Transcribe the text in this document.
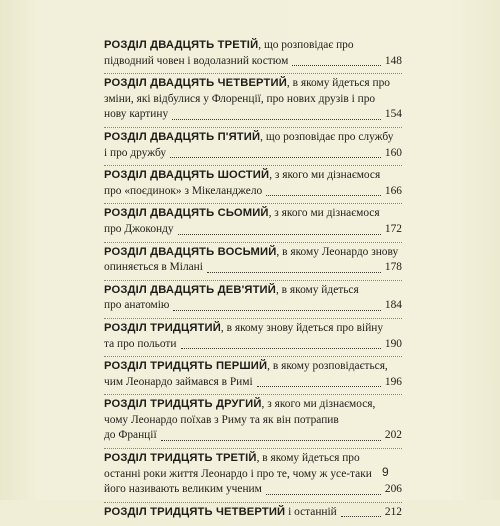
РОЗДІЛ ДВАДЦЯТЬ ТРЕТІЙ, що розповідає про
підводний човен і водолазний костюм	148
РОЗДІЛ ДВАДЦЯТЬ ЧЕТВЕРТИЙ, в якому йдеться про
зміни, які відбулися у Флоренції, про нових друзів і про
нову картину	154
РОЗДІЛ ДВАДЦЯТЬ П'ЯТИЙ, що розповідає про службу
і про дружбу	160
РОЗДІЛ ДВАДЦЯТЬ ШОСТИЙ, з якого ми дізнаємося
про «поєдинок» з Мікеланджело	166
РОЗДІЛ ДВАДЦЯТЬ СЬОМИЙ, з якого ми дізнаємося
про Джоконду	172
РОЗДІЛ ДВАДЦЯТЬ ВОСЬМИЙ, в якому Леонардо знову
опиняється в Мілані	178
РОЗДІЛ ДВАДЦЯТЬ ДЕВ'ЯТИЙ, в якому йдеться
про анатомію	184
РОЗДІЛ ТРИДЦЯТИЙ, в якому знову йдеться про війну
та про польоти	190
РОЗДІЛ ТРИДЦЯТЬ ПЕРШИЙ, в якому розповідається,
чим Леонардо займався в Римі	196
РОЗДІЛ ТРИДЦЯТЬ ДРУГИЙ, з якого ми дізнаємося,
чому Леонардо поїхав з Риму та як він потрапив
до Франції	202
РОЗДІЛ ТРИДЦЯТЬ ТРЕТІЙ, в якому йдеться про
останні роки життя Леонардо і про те, чому ж усе-таки
його називають великим ученим	206
РОЗДІЛ ТРИДЦЯТЬ ЧЕТВЕРТИЙ і останній	212
9
